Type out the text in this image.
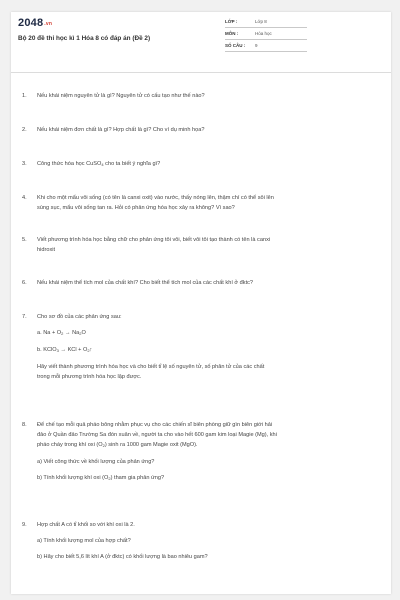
2048.vn
Bộ 20 đề thi học kì 1 Hóa 8 có đáp án (Đề 2)
LỚP :	Lớp 8
MÔN :	Hóa học
SỐ CÂU :	9
1. Nếu khái niệm nguyên tử là gì? Nguyên tử có cấu tạo như thế nào?
2. Nếu khái niệm đơn chất là gì? Hợp chất là gì? Cho ví dụ minh họa?
3. Công thức hóa học CuSO$_4$ cho ta biết ý nghĩa gì?
4. Khi cho một mẩu vôi sống (có tên là canxi oxit) vào nước, thấy nóng lên, thậm chí có thể sôi lên
sùng sục, mẩu vôi sống tan ra. Hỏi có phản ứng hóa học xảy ra không? Vì sao?
5. Viết phương trình hóa học bằng chữ cho phản ứng tôi vôi, biết vôi tôi tạo thành có tên là canxi
hidroxit
6. Nếu khái niệm thể tích mol của chất khí? Cho biết thể tích mol của các chất khí ở đktc?
7. Cho sơ đồ của các phản ứng sau:
a. $Na + O_2 \to Na_2O$
b. KClO$_3$ → KCl + $O_2↑$
Hãy viết thành phương trình hóa học và cho biết tỉ lệ số nguyên tử, số phân tử của các chất
trong mỗi phương trình hóa học lập được.
8. Để chế tạo mỗi quả pháo bông nhằm phục vụ cho các chiến sĩ biên phòng giữ gìn biên giới hải
đảo ở Quần đảo Trường Sa đón xuân về, người ta cho vào hết 600 gam kim loại Magie (Mg), khi
pháo cháy trong khí oxi $(O_2)$ sinh ra 1000 gam Magie oxit (MgO).
a) Viết công thức về khối lượng của phản ứng?
b) Tính khối lượng khí oxi $(O_2)$ tham gia phản ứng?
9. Hợp chất A có tỉ khối so với khí oxi là 2.
a) Tính khối lượng mol của hợp chất?
b) Hãy cho biết 5,6 lít khí A (ở đktc) có khối lượng là bao nhiêu gam?
